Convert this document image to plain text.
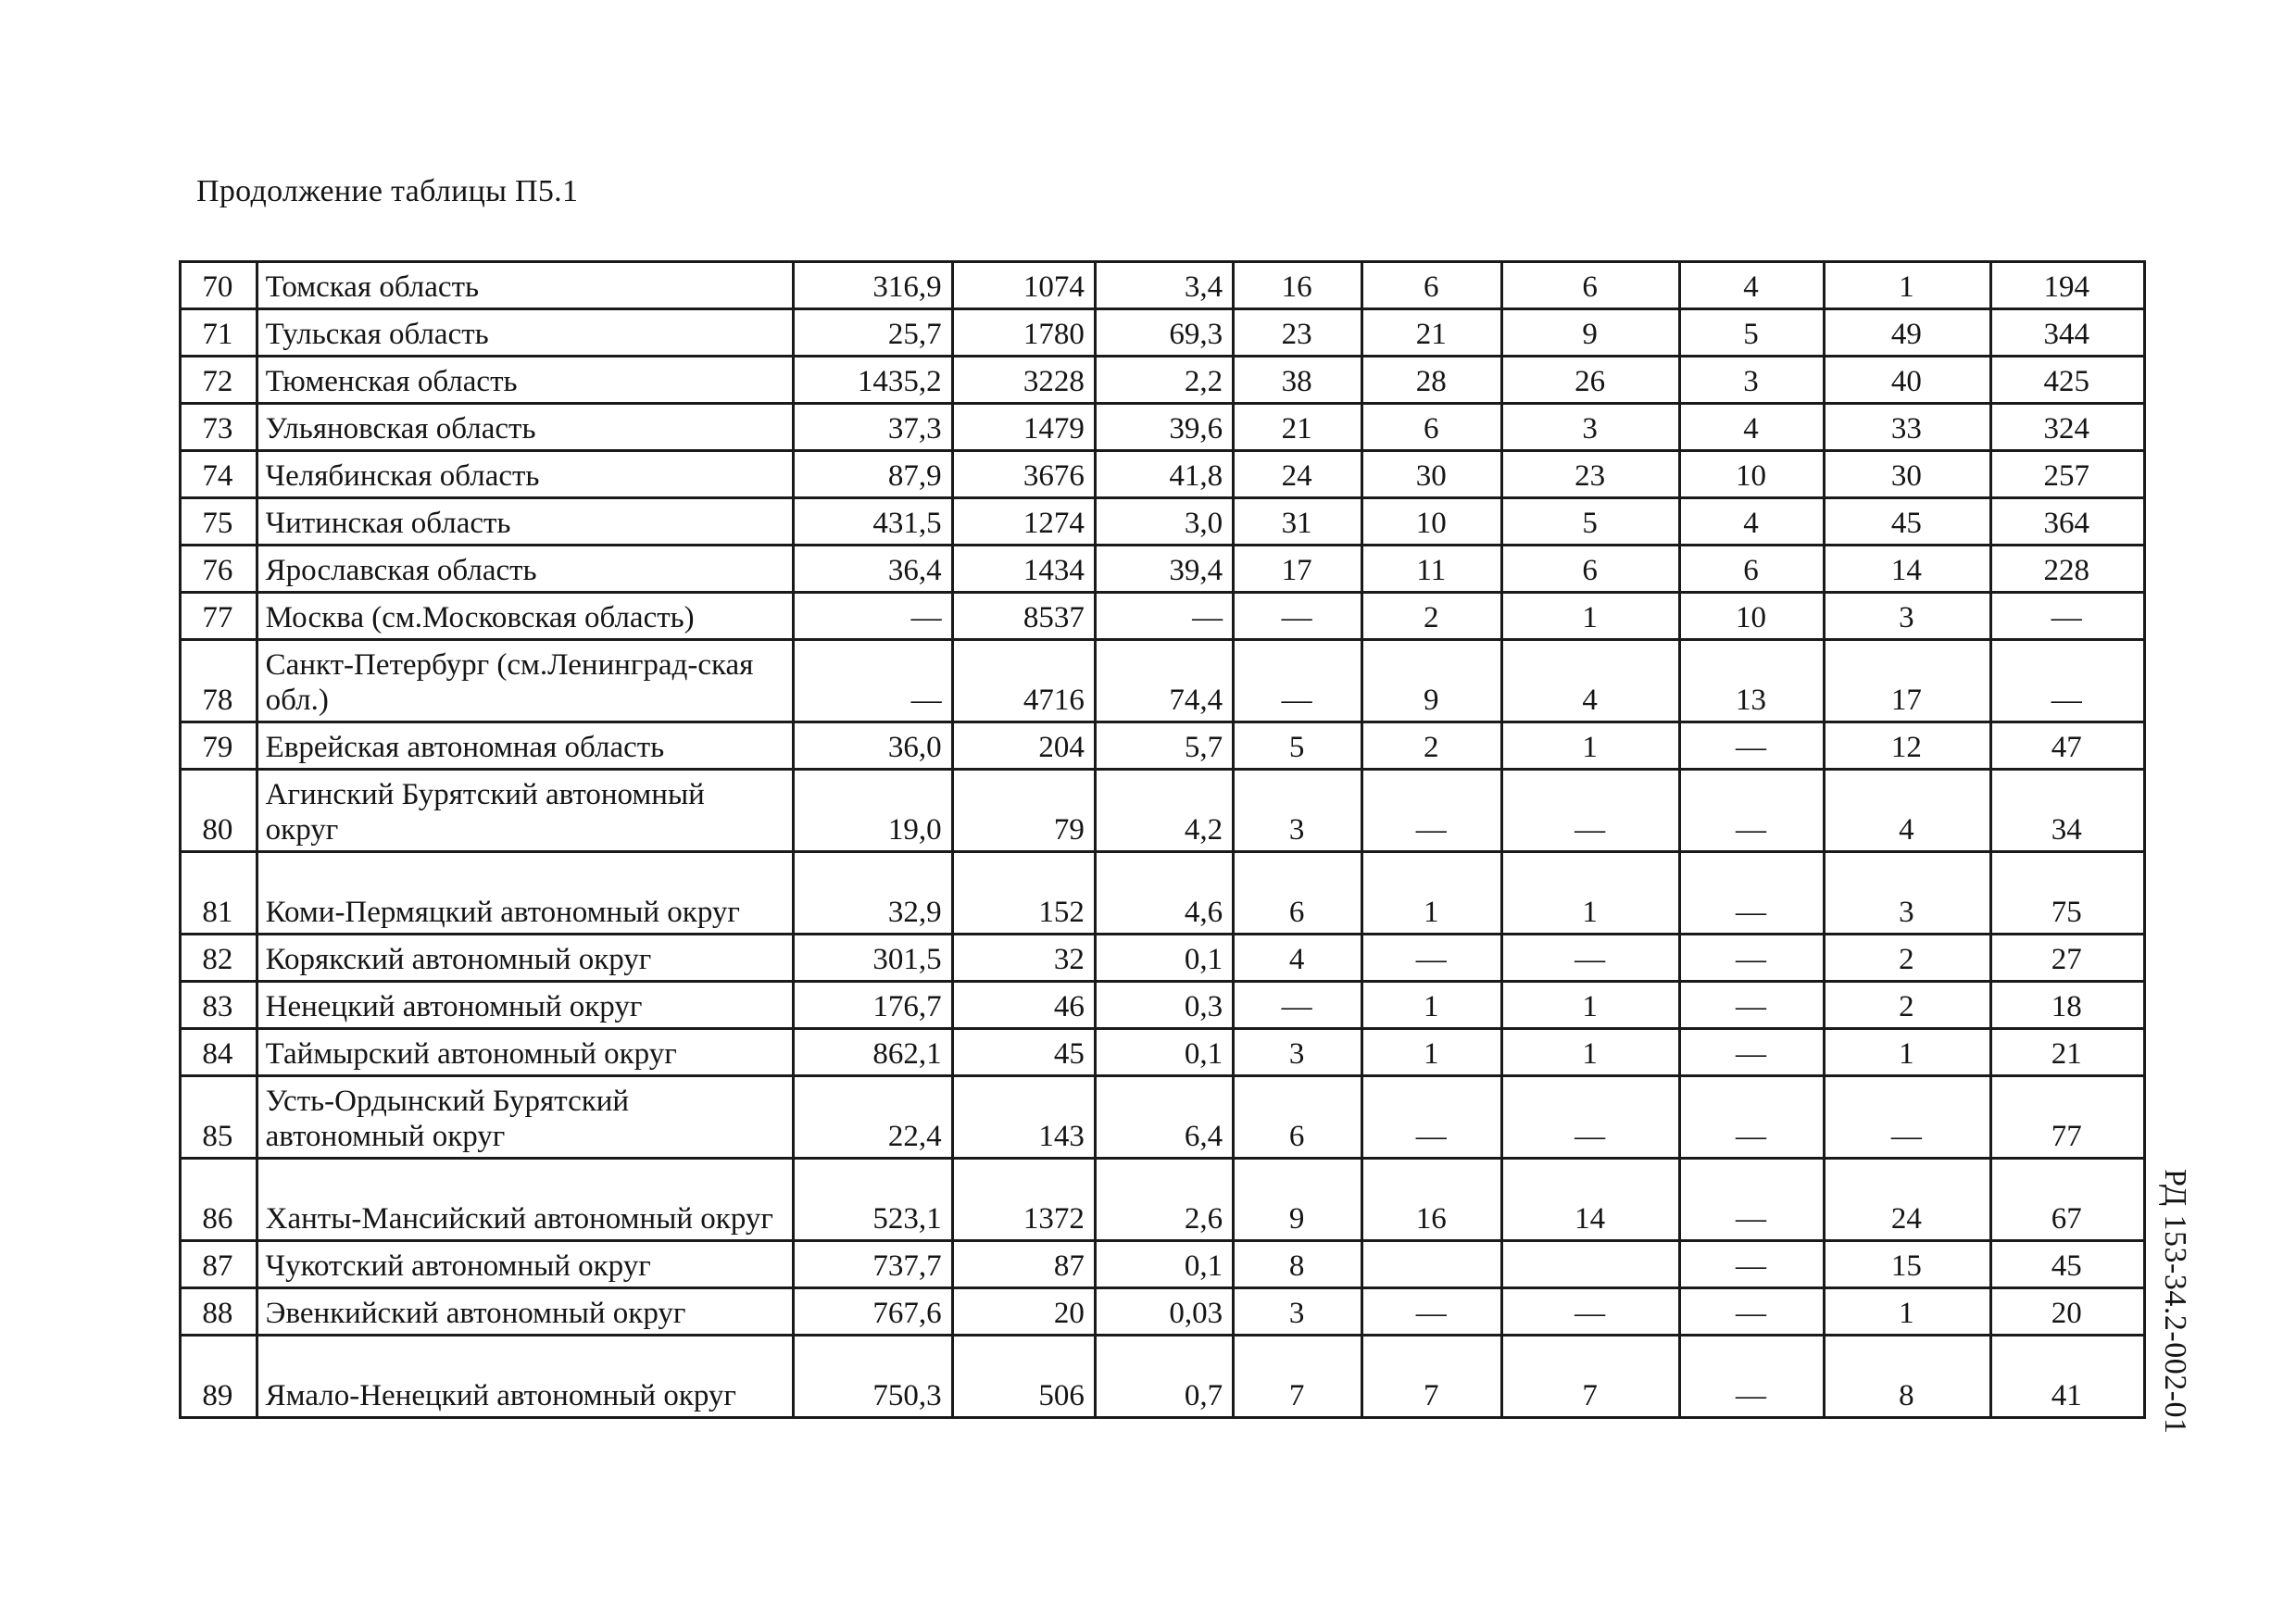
Продолжение таблицы П5.1
70	Томская область	316,9	1074	3,4	16	6	6	4	1	194
71	Тульская область	25,7	1780	69,3	23	21	9	5	49	344
72	Тюменская область	1435,2	3228	2,2	38	28	26	3	40	425
73	Ульяновская область	37,3	1479	39,6	21	6	3	4	33	324
74	Челябинская область	87,9	3676	41,8	24	30	23	10	30	257
75	Читинская область	431,5	1274	3,0	31	10	5	4	45	364
76	Ярославская область	36,4	1434	39,4	17	11	6	6	14	228
77	Москва (см.Московская область)	—	8537	—	—	2	1	10	3	—
78	Санкт-Петербург (см.Ленинград-ская обл.)	—	4716	74,4	—	9	4	13	17	—
79	Еврейская автономная область	36,0	204	5,7	5	2	1	—	12	47
80	Агинский Бурятский автономный округ	19,0	79	4,2	3	—	—	—	4	34
81	Коми-Пермяцкий автономный округ	32,9	152	4,6	6	1	1	—	3	75
82	Корякский автономный округ	301,5	32	0,1	4	—	—	—	2	27
83	Ненецкий автономный округ	176,7	46	0,3	—	1	1	—	2	18
84	Таймырский автономный округ	862,1	45	0,1	3	1	1	—	1	21
85	Усть-Ордынский Бурятский автономный округ	22,4	143	6,4	6	—	—	—	—	77
86	Ханты-Мансийский автономный округ	523,1	1372	2,6	9	16	14	—	24	67
87	Чукотский автономный округ	737,7	87	0,1	8			—	15	45
88	Эвенкийский автономный округ	767,6	20	0,03	3	—	—	—	1	20
89	Ямало-Ненецкий автономный округ	750,3	506	0,7	7	7	7	—	8	41 РД 153-34.2-002-01
